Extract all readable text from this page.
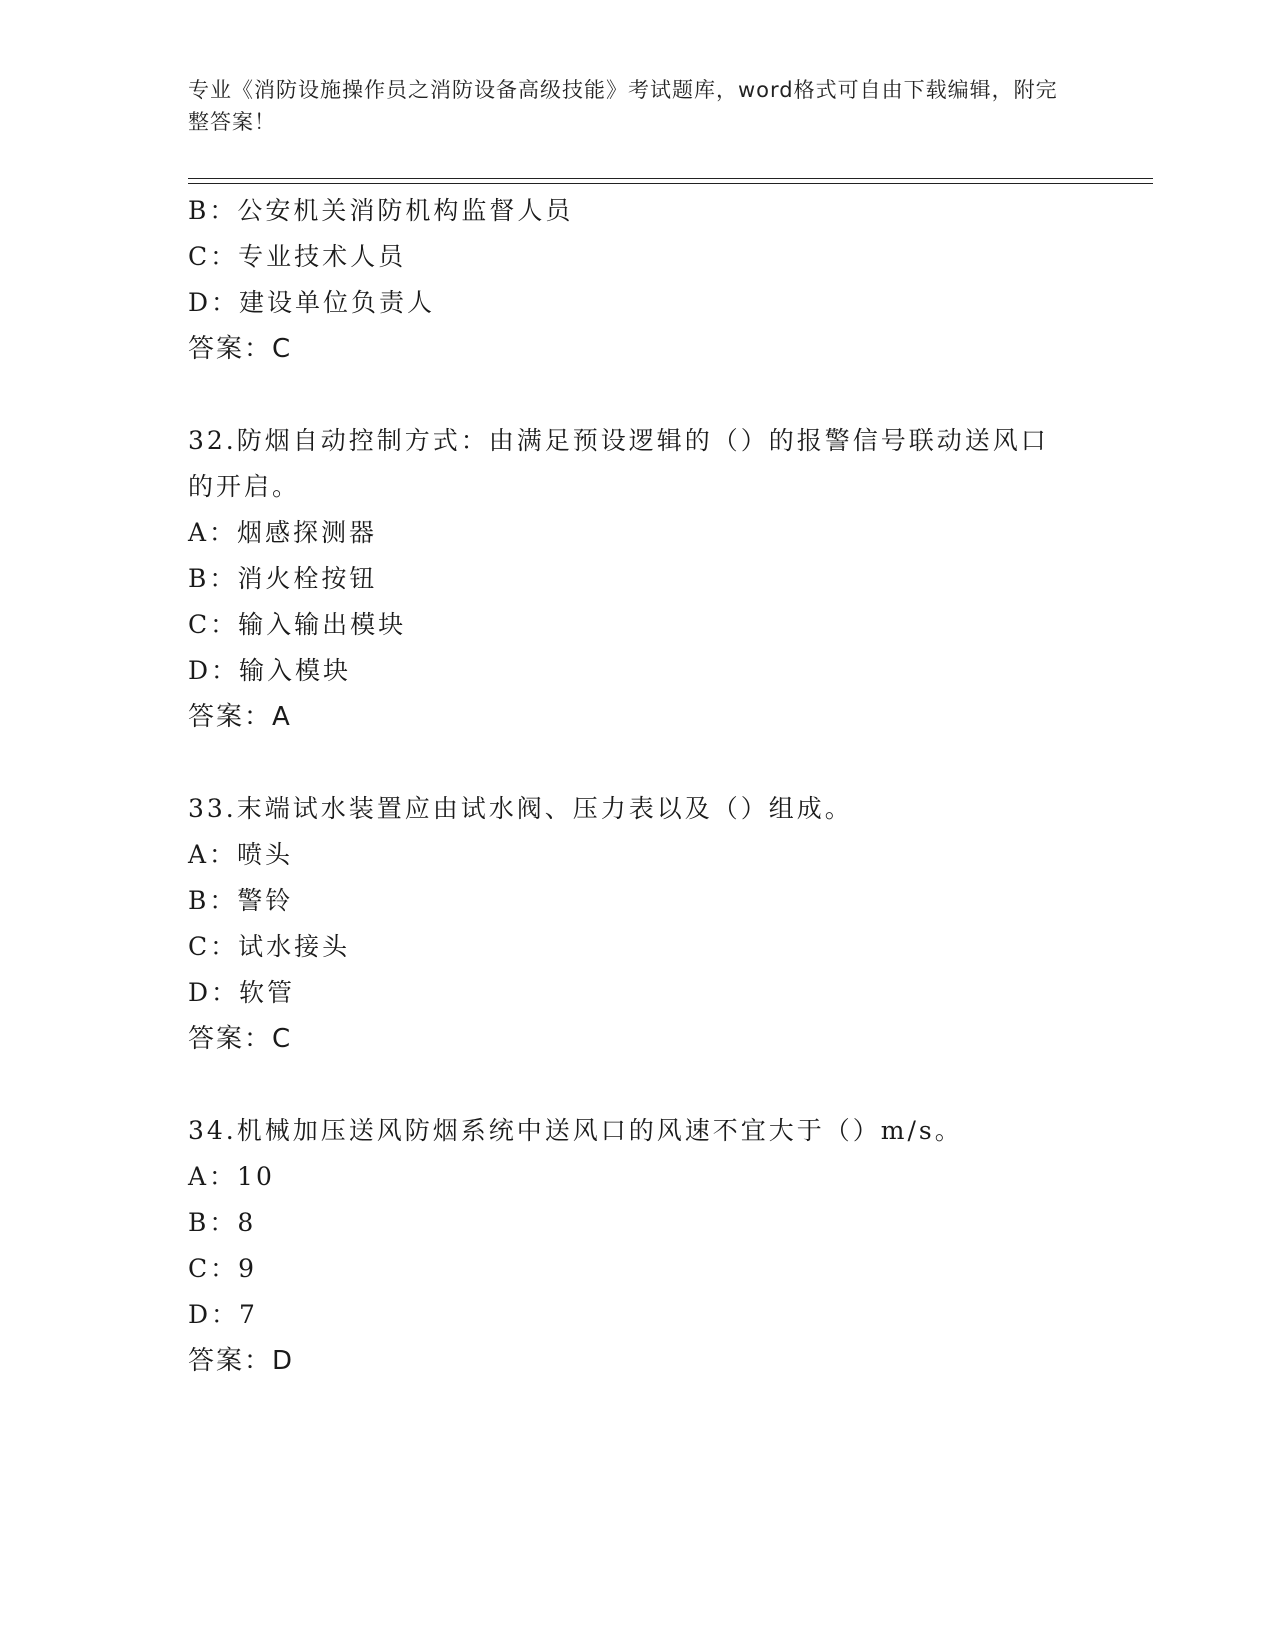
专业《消防设施操作员之消防设备高级技能》考试题库，word格式可自由下载编辑，附完整答案！
B：公安机关消防机构监督人员
C：专业技术人员
D：建设单位负责人
答案：C
32.防烟自动控制方式：由满足预设逻辑的（）的报警信号联动送风口的开启。
A：烟感探测器
B：消火栓按钮
C：输入输出模块
D：输入模块
答案：A
33.末端试水装置应由试水阀、压力表以及（）组成。
A：喷头
B：警铃
C：试水接头
D：软管
答案：C
34.机械加压送风防烟系统中送风口的风速不宜大于（）m/s。
A：10
B：8
C：9
D：7
答案：D
